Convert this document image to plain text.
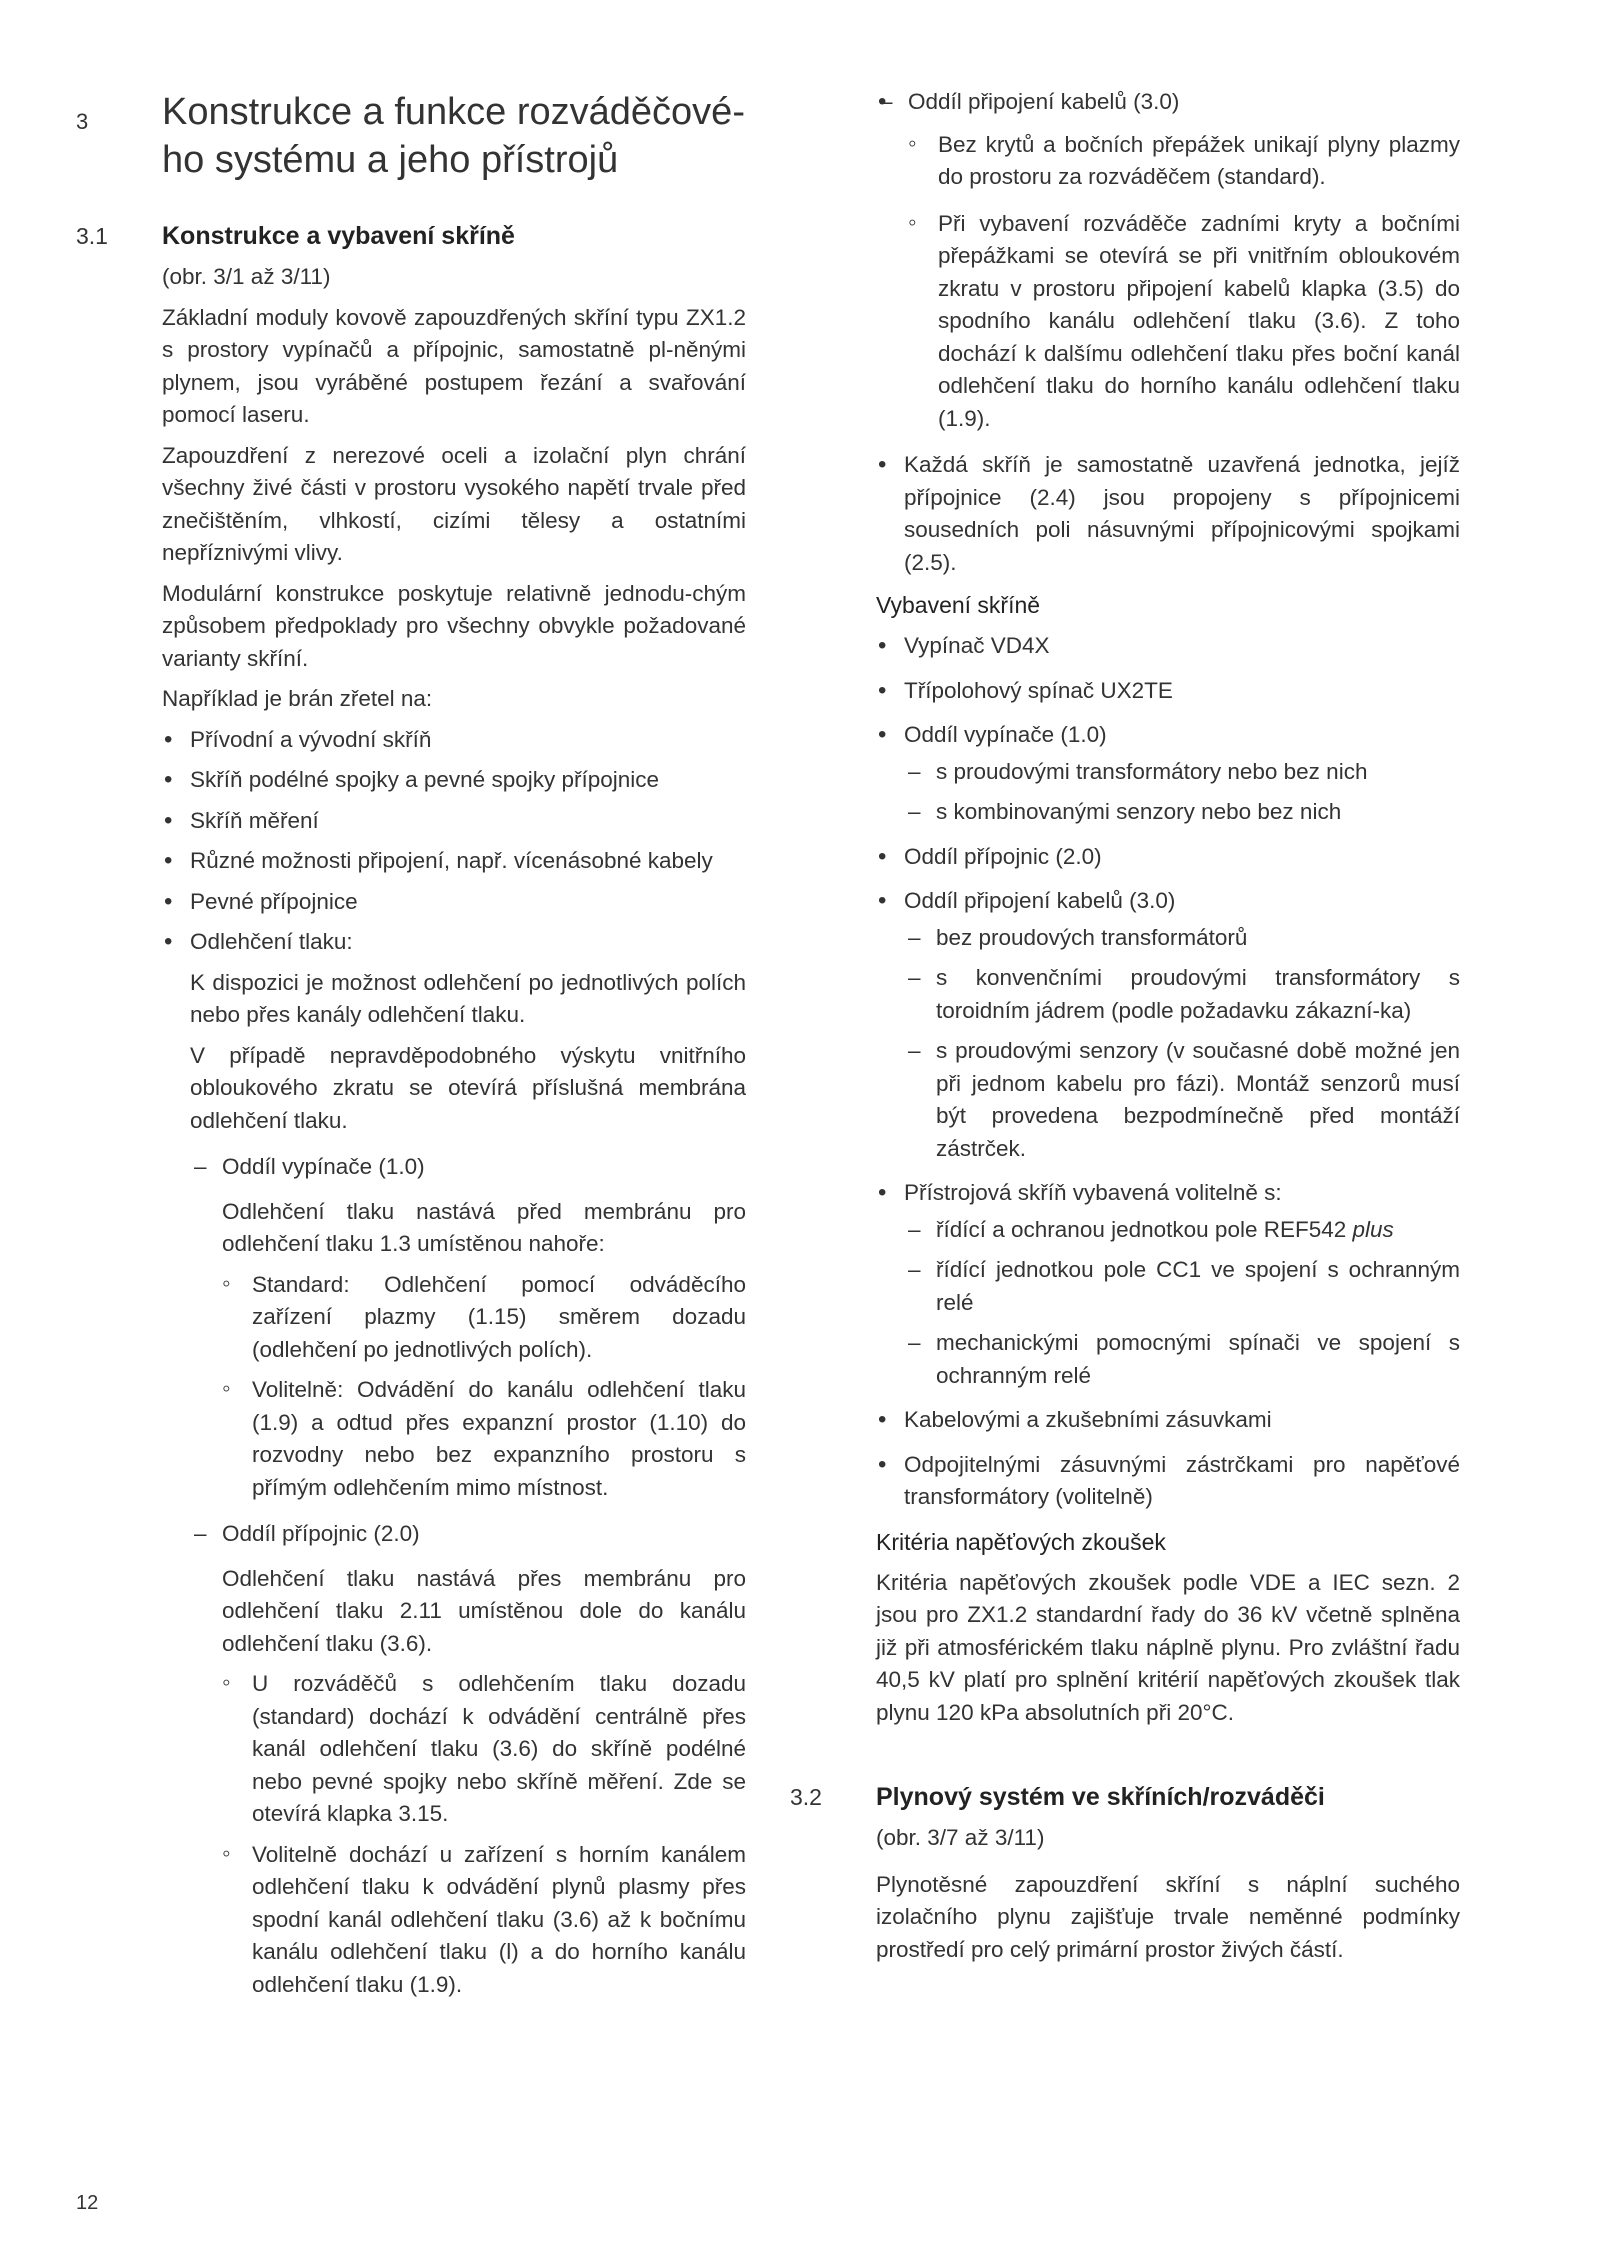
3 Konstrukce a funkce rozváděčové-ho systému a jeho přístrojů
3.1 Konstrukce a vybavení skříně

(obr. 3/1 až 3/11)

Základní moduly kovově zapouzdřených skříní typu ZX1.2 s prostory vypínačů a přípojnic, samostatně pl-něnými plynem, jsou vyráběné postupem řezání a svařování pomocí laseru.

Zapouzdření z nerezové oceli a izolační plyn chrání všechny živé části v prostoru vysokého napětí trvale před znečištěním, vlhkostí, cizími tělesy a ostatními nepříznivými vlivy.

Modulární konstrukce poskytuje relativně jednodu-chým způsobem předpoklady pro všechny obvykle požadované varianty skříní.

Například je brán zřetel na:

• Přívodní a vývodní skříň
• Skříň podélné spojky a pevné spojky přípojnice
• Skříň měření
• Různé možnosti připojení, např. vícenásobné kabely
• Pevné přípojnice
• Odlehčení tlaku:

K dispozici je možnost odlehčení po jednotlivých polích nebo přes kanály odlehčení tlaku.

V případě nepravděpodobného výskytu vnitřního obloukového zkratu se otevírá příslušná membrána odlehčení tlaku.

– Oddíl vypínače (1.0)

Odlehčení tlaku nastává před membránu pro odlehčení tlaku 1.3 umístěnou nahoře:

◦ Standard: Odlehčení pomocí odváděcího zařízení plazmy (1.15) směrem dozadu (odlehčení po jednotlivých polích).
◦ Volitelně: Odvádění do kanálu odlehčení tlaku (1.9) a odtud přes expanzní prostor (1.10) do rozvodny nebo bez expanzního prostoru s přímým odlehčením mimo místnost.
– Oddíl přípojnic (2.0)

Odlehčení tlaku nastává přes membránu pro odlehčení tlaku 2.11 umístěnou dole do kanálu odlehčení tlaku (3.6).

◦ U rozváděčů s odlehčením tlaku dozadu (standard) dochází k odvádění centrálně přes kanál odlehčení tlaku (3.6) do skříně podélné nebo pevné spojky nebo skříně měření. Zde se otevírá klapka 3.15.
◦ Volitelně dochází u zařízení s horním kanálem odlehčení tlaku k odvádění plynů plasmy přes spodní kanál odlehčení tlaku (3.6) až k bočnímu kanálu odlehčení tlaku (l) a do horního kanálu odlehčení tlaku (1.9).
– • Oddíl připojení kabelů (3.0)
◦ Bez krytů a bočních přepážek unikají plyny plazmy do prostoru za rozváděčem (standard).
◦ Při vybavení rozváděče zadními kryty a bočními přepážkami se otevírá se při vnitřním obloukovém zkratu v prostoru připojení kabelů klapka (3.5) do spodního kanálu odlehčení tlaku (3.6). Z toho dochází k dalšímu odlehčení tlaku přes boční kanál odlehčení tlaku do horního kanálu odlehčení tlaku (1.9).
• Každá skříň je samostatně uzavřená jednotka, jejíž přípojnice (2.4) jsou propojeny s přípojnicemi sousedních poli násuvnými přípojnicovými spojkami (2.5).

Vybavení skříně

• Vypínač VD4X
• Třípolohový spínač UX2TE
• Oddíl vypínače (1.0)
– s proudovými transformátory nebo bez nich
– s kombinovanými senzory nebo bez nich
• Oddíl přípojnic (2.0)
• Oddíl připojení kabelů (3.0)
– bez proudových transformátorů
– s konvenčními proudovými transformátory s toroidním jádrem (podle požadavku zákazní-ka)
– s proudovými senzory (v současné době možné jen při jednom kabelu pro fázi). Montáž senzorů musí být provedena bezpodmínečně před montáží zástrček.
• Přístrojová skříň vybavená volitelně s:
– řídící a ochranou jednotkou pole REF542 plus
– řídící jednotkou pole CC1 ve spojení s ochranným relé
– mechanickými pomocnými spínači ve spojení s ochranným relé
• Kabelovými a zkušebními zásuvkami
• Odpojitelnými zásuvnými zástrčkami pro napěťové transformátory (volitelně)

Kritéria napěťových zkoušek

Kritéria napěťových zkoušek podle VDE a IEC sezn. 2 jsou pro ZX1.2 standardní řady do 36 kV včetně splněna již při atmosférickém tlaku náplně plynu. Pro zvláštní řadu 40,5 kV platí pro splnění kritérií napěťových zkoušek tlak plynu 120 kPa absolutních při 20°C.

3.2 Plynový systém ve skříních/rozváděči

(obr. 3/7 až 3/11)

Plynotěsné zapouzdření skříní s náplní suchého izolačního plynu zajišťuje trvale neměnné podmínky prostředí pro celý primární prostor živých částí.

12
